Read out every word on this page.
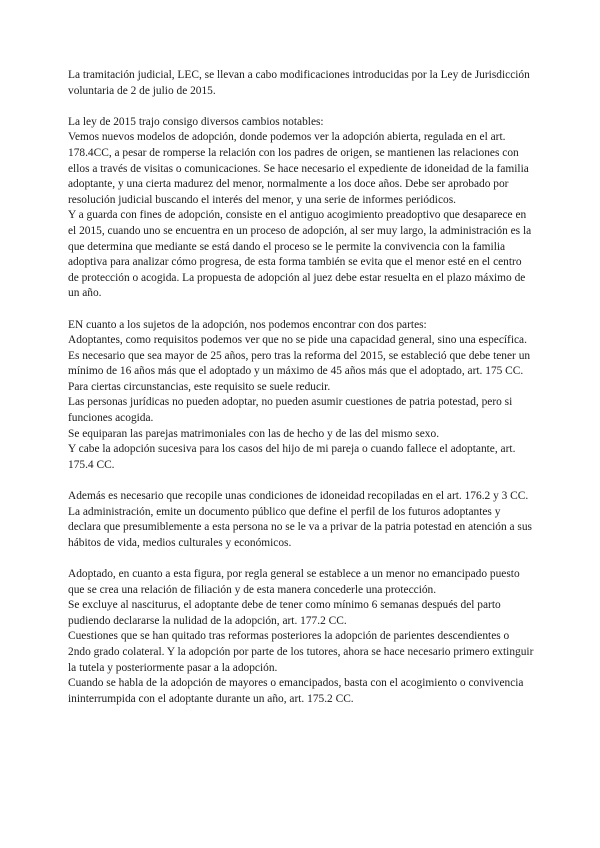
La tramitación judicial, LEC, se llevan a cabo modificaciones introducidas por la Ley de Jurisdicción voluntaria de 2 de julio de 2015.

La ley de 2015 trajo consigo diversos cambios notables:

Vemos nuevos modelos de adopción, donde podemos ver la adopción abierta, regulada en el art. 178.4CC, a pesar de romperse la relación con los padres de origen, se mantienen las relaciones con ellos a través de visitas o comunicaciones. Se hace necesario el expediente de idoneidad de la familia adoptante, y una cierta madurez del menor, normalmente a los doce años. Debe ser aprobado por resolución judicial buscando el interés del menor, y una serie de informes periódicos.

Y a guarda con fines de adopción, consiste en el antiguo acogimiento preadoptivo que desaparece en el 2015, cuando uno se encuentra en un proceso de adopción, al ser muy largo, la administración es la que determina que mediante se está dando el proceso se le permite la convivencia con la familia adoptiva para analizar cómo progresa, de esta forma también se evita que el menor esté en el centro de protección o acogida. La propuesta de adopción al juez debe estar resuelta en el plazo máximo de un año.

EN cuanto a los sujetos de la adopción, nos podemos encontrar con dos partes:

Adoptantes, como requisitos podemos ver que no se pide una capacidad general, sino una específica. Es necesario que sea mayor de 25 años, pero tras la reforma del 2015, se estableció que debe tener un mínimo de 16 años más que el adoptado y un máximo de 45 años más que el adoptado, art. 175 CC.

Para ciertas circunstancias, este requisito se suele reducir.

Las personas jurídicas no pueden adoptar, no pueden asumir cuestiones de patria potestad, pero si funciones acogida.

Se equiparan las parejas matrimoniales con las de hecho y de las del mismo sexo.

Y cabe la adopción sucesiva para los casos del hijo de mi pareja o cuando fallece el adoptante, art. 175.4 CC.

Además es necesario que recopile unas condiciones de idoneidad recopiladas en el art. 176.2 y 3 CC.

La administración, emite un documento público que define el perfil de los futuros adoptantes y declara que presumiblemente a esta persona no se le va a privar de la patria potestad en atención a sus hábitos de vida, medios culturales y económicos.

Adoptado, en cuanto a esta figura, por regla general se establece a un menor no emancipado puesto que se crea una relación de filiación y de esta manera concederle una protección.

Se excluye al nasciturus, el adoptante debe de tener como mínimo 6 semanas después del parto pudiendo declararse la nulidad de la adopción, art. 177.2 CC.

Cuestiones que se han quitado tras reformas posteriores la adopción de parientes descendientes o 2ndo grado colateral. Y la adopción por parte de los tutores, ahora se hace necesario primero extinguir la tutela y posteriormente pasar a la adopción.

Cuando se habla de la adopción de mayores o emancipados, basta con el acogimiento o convivencia ininterrumpida con el adoptante durante un año, art. 175.2 CC.
